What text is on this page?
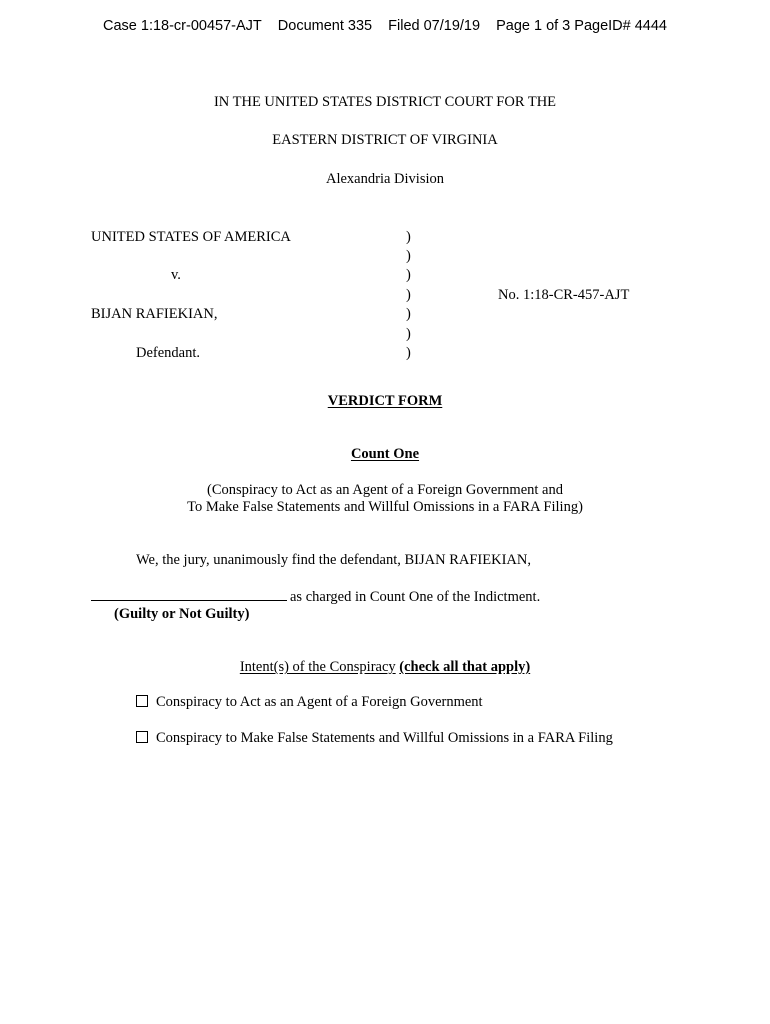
Case 1:18-cr-00457-AJT Document 335 Filed 07/19/19 Page 1 of 3 PageID# 4444
IN THE UNITED STATES DISTRICT COURT FOR THE
EASTERN DISTRICT OF VIRGINIA
Alexandria Division
UNITED STATES OF AMERICA
v.
BIJAN RAFIEKIAN,
Defendant.
)
)
)
)
)
)
)
No. 1:18-CR-457-AJT
VERDICT FORM
Count One
(Conspiracy to Act as an Agent of a Foreign Government and
To Make False Statements and Willful Omissions in a FARA Filing)
We, the jury, unanimously find the defendant, BIJAN RAFIEKIAN,
as charged in Count One of the Indictment.
(Guilty or Not Guilty)
Intent(s) of the Conspiracy (check all that apply)
Conspiracy to Act as an Agent of a Foreign Government
Conspiracy to Make False Statements and Willful Omissions in a FARA Filing
